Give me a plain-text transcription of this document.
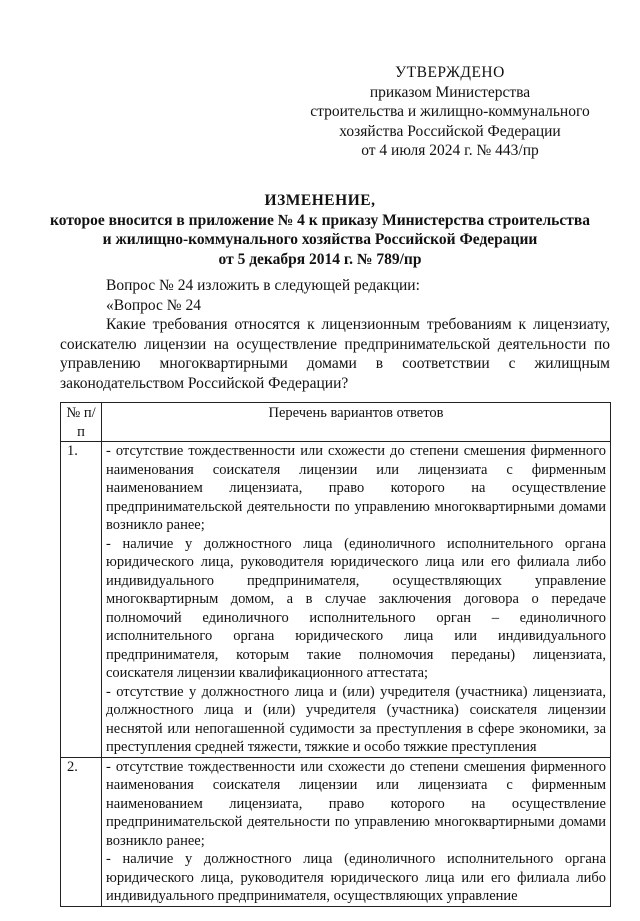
УТВЕРЖДЕНО
приказом Министерства
строительства и жилищно-коммунального
хозяйства Российской Федерации
от 4 июля 2024 г. № 443/пр
ИЗМЕНЕНИЕ,
которое вносится в приложение № 4 к приказу Министерства строительства
и жилищно-коммунального хозяйства Российской Федерации
от 5 декабря 2014 г. № 789/пр

Вопрос № 24 изложить в следующей редакции:

«Вопрос № 24

Какие требования относятся к лицензионным требованиям к лицензиату, соискателю лицензии на осуществление предпринимательской деятельности по управлению многоквартирными домами в соответствии с жилищным законодательством Российской Федерации?

№ п/п	Перечень вариантов ответов
1.	- отсутствие тождественности или схожести до степени смешения фирменного наименования соискателя лицензии или лицензиата с фирменным наименованием лицензиата, право которого на осуществление предпринимательской деятельности по управлению многоквартирными домами возникло ранее;

- наличие у должностного лица (единоличного исполнительного органа юридического лица, руководителя юридического лица или его филиала либо индивидуального предпринимателя, осуществляющих управление многоквартирным домом, а в случае заключения договора о передаче полномочий единоличного исполнительного орган – единоличного исполнительного органа юридического лица или индивидуального предпринимателя, которым такие полномочия переданы) лицензиата, соискателя лицензии квалификационного аттестата;

- отсутствие у должностного лица и (или) учредителя (участника) лицензиата, должностного лица и (или) учредителя (участника) соискателя лицензии неснятой или непогашенной судимости за преступления в сфере экономики, за преступления средней тяжести, тяжкие и особо тяжкие преступления

2.	- отсутствие тождественности или схожести до степени смешения фирменного наименования соискателя лицензии или лицензиата с фирменным наименованием лицензиата, право которого на осуществление предпринимательской деятельности по управлению многоквартирными домами возникло ранее;

- наличие у должностного лица (единоличного исполнительного органа юридического лица, руководителя юридического лица или его филиала либо индивидуального предпринимателя, осуществляющих управление
